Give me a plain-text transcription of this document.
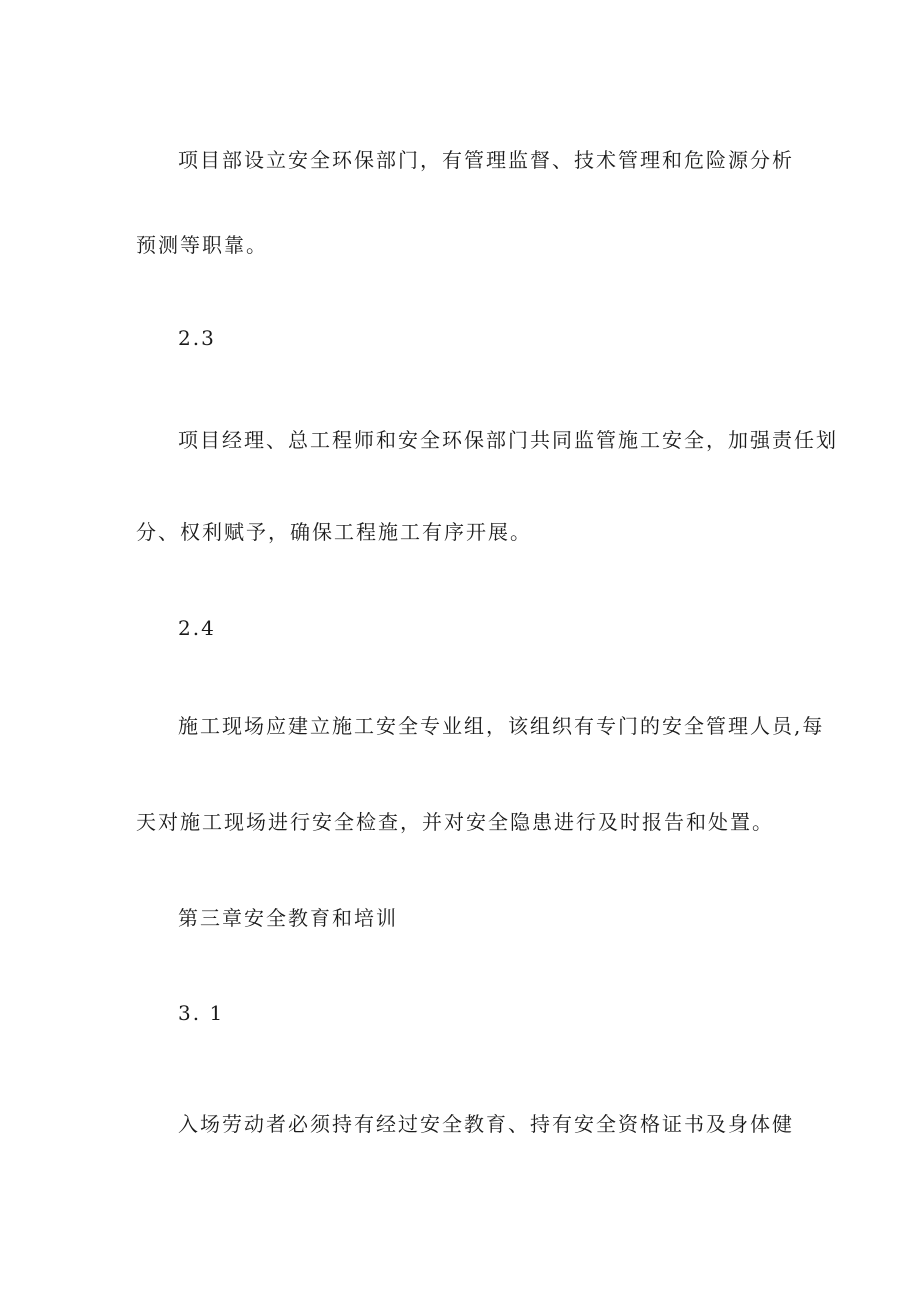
项目部设立安全环保部门，有管理监督、技术管理和危险源分析
预测等职靠。
2.3
项目经理、总工程师和安全环保部门共同监管施工安全，加强责任划
分、权利赋予，确保工程施工有序开展。
2.4
施工现场应建立施工安全专业组，该组织有专门的安全管理人员,每
天对施工现场进行安全检查，并对安全隐患进行及时报告和处置。
第三章安全教育和培训
3. 1
入场劳动者必须持有经过安全教育、持有安全资格证书及身体健
